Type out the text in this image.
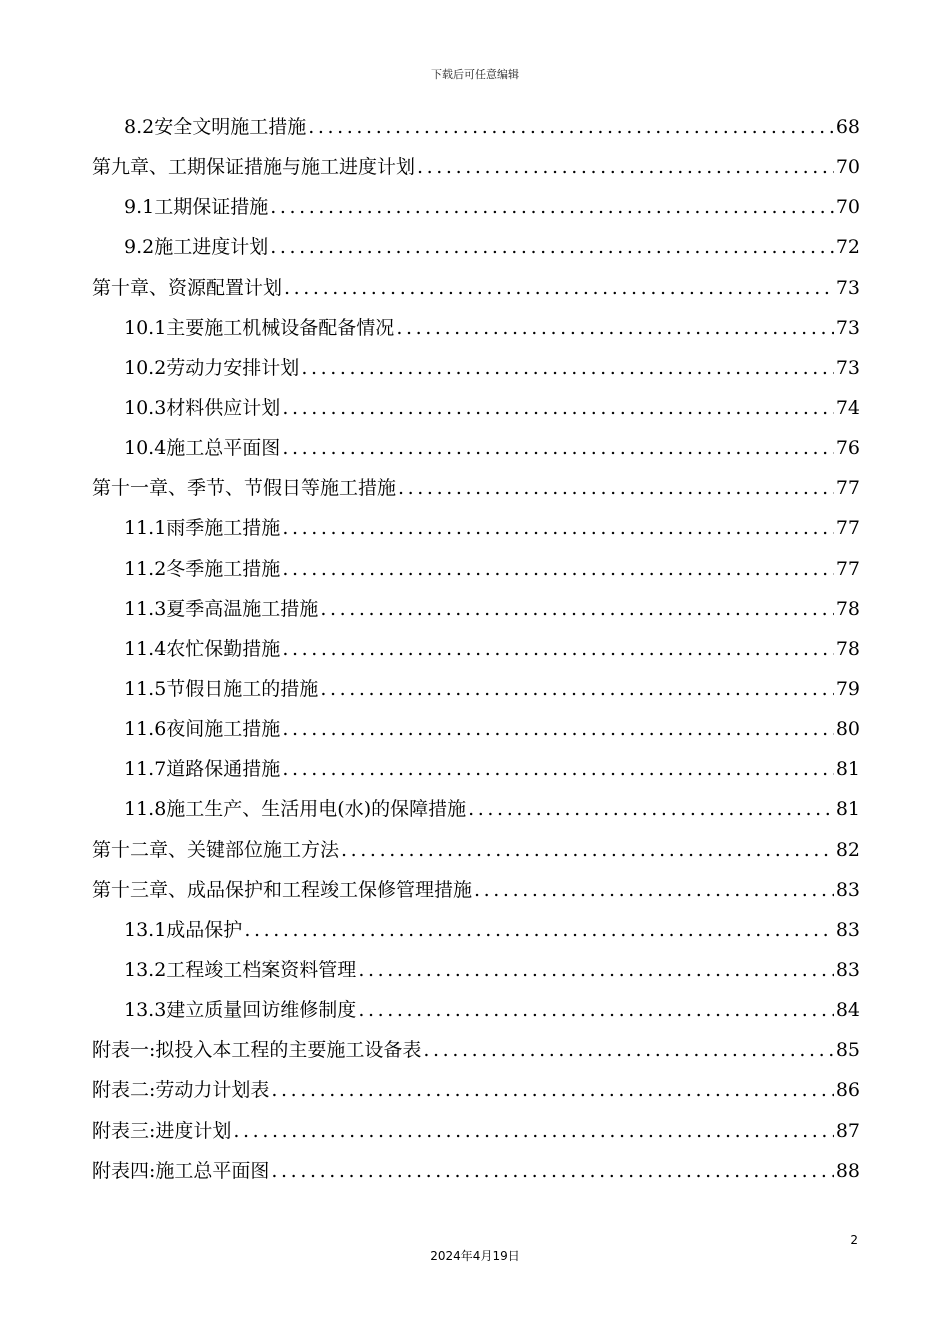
下载后可任意编辑
8.2安全文明施工措施 .....	68
第九章、工期保证措施与施工进度计划 .....	70
9.1工期保证措施 .....	70
9.2施工进度计划 .....	72
第十章、资源配置计划 .....	73
10.1主要施工机械设备配备情况 .....	73
10.2劳动力安排计划 .....	73
10.3材料供应计划 .....	74
10.4施工总平面图 .....	76
第十一章、季节、节假日等施工措施 .....	77
11.1雨季施工措施 .....	77
11.2冬季施工措施 .....	77
11.3夏季高温施工措施 .....	78
11.4农忙保勤措施 .....	78
11.5节假日施工的措施 .....	79
11.6夜间施工措施 .....	80
11.7道路保通措施 .....	81
11.8施工生产、生活用电(水)的保障措施 .....	81
第十二章、关键部位施工方法 .....	82
第十三章、成品保护和工程竣工保修管理措施 .....	83
13.1成品保护 .....	83
13.2工程竣工档案资料管理 .....	83
13.3建立质量回访维修制度 .....	84
附表一:拟投入本工程的主要施工设备表 .....	85
附表二:劳动力计划表 .....	86
附表三:进度计划 .....	87
附表四:施工总平面图 .....	88
2
2024年4月19日
